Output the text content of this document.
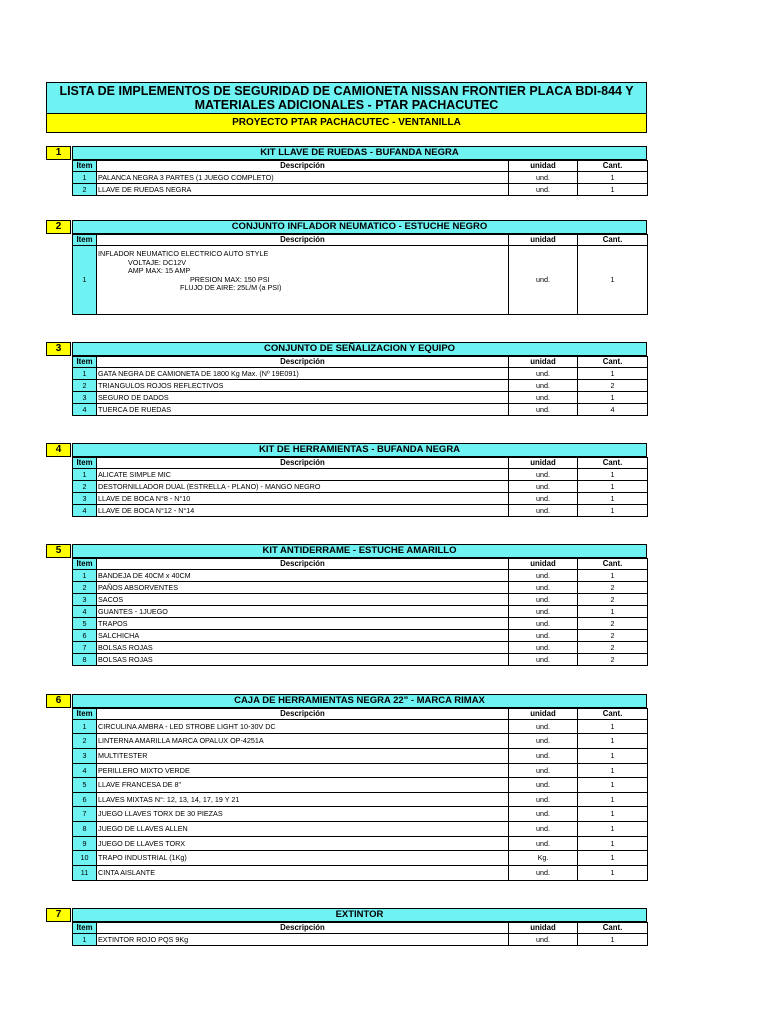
LISTA DE IMPLEMENTOS DE SEGURIDAD DE CAMIONETA NISSAN FRONTIER PLACA BDI-844 Y MATERIALES ADICIONALES - PTAR PACHACUTEC
PROYECTO PTAR PACHACUTEC - VENTANILLA
1	KIT LLAVE DE RUEDAS - BUFANDA NEGRA
Item	Descripción	unidad	Cant.
1	PALANCA NEGRA 3 PARTES (1 JUEGO COMPLETO)	und.	1
2	LLAVE DE RUEDAS NEGRA	und.	1
2	CONJUNTO INFLADOR NEUMATICO - ESTUCHE NEGRO
Item	Descripción	unidad	Cant.
1	INFLADOR NEUMATICO ELECTRICO AUTO STYLE
VOLTAJE: DC12V
AMP MAX: 15 AMP
PRESION MAX: 150 PSI
FLUJO DE AIRE: 25L/M (a PSI)	und.	1
3	CONJUNTO DE SEÑALIZACION Y EQUIPO
Item	Descripción	unidad	Cant.
1	GATA NEGRA DE CAMIONETA DE 1800 Kg Max. (Nº 19E091)	und.	1
2	TRIANGULOS ROJOS REFLECTIVOS	und.	2
3	SEGURO DE DADOS	und.	1
4	TUERCA DE RUEDAS	und.	4
4	KIT DE HERRAMIENTAS - BUFANDA NEGRA
Item	Descripción	unidad	Cant.
1	ALICATE SIMPLE MIC	und.	1
2	DESTORNILLADOR DUAL (ESTRELLA - PLANO) - MANGO NEGRO	und.	1
3	LLAVE DE BOCA N°8 - N°10	und.	1
4	LLAVE DE BOCA N°12 - N°14	und.	1
5	KIT ANTIDERRAME - ESTUCHE AMARILLO
Item	Descripción	unidad	Cant.
1	BANDEJA DE 40CM x 40CM	und.	1
2	PAÑOS ABSORVENTES	und.	2
3	SACOS	und.	2
4	GUANTES - 1JUEGO	und.	1
5	TRAPOS	und.	2
6	SALCHICHA	und.	2
7	BOLSAS ROJAS	und.	2
8	BOLSAS ROJAS	und.	2
6	CAJA DE HERRAMIENTAS NEGRA 22" - MARCA RIMAX
Item	Descripción	unidad	Cant.
1	CIRCULINA AMBRA - LED STROBE LIGHT 10-30V DC	und.	1
2	LINTERNA AMARILLA MARCA OPALUX OP-4251A	und.	1
3	MULTITESTER	und.	1
4	PERILLERO MIXTO VERDE	und.	1
5	LLAVE FRANCESA DE 8"	und.	1
6	LLAVES MIXTAS N°: 12, 13, 14, 17, 19 Y 21	und.	1
7	JUEGO LLAVES TORX DE 30 PIEZAS	und.	1
8	JUEGO DE LLAVES ALLEN	und.	1
9	JUEGO DE LLAVES TORX	und.	1
10	TRAPO INDUSTRIAL (1Kg)	Kg.	1
11	CINTA AISLANTE	und.	1
7	EXTINTOR
Item	Descripción	unidad	Cant.
1	EXTINTOR ROJO PQS 9Kg	und.	1
